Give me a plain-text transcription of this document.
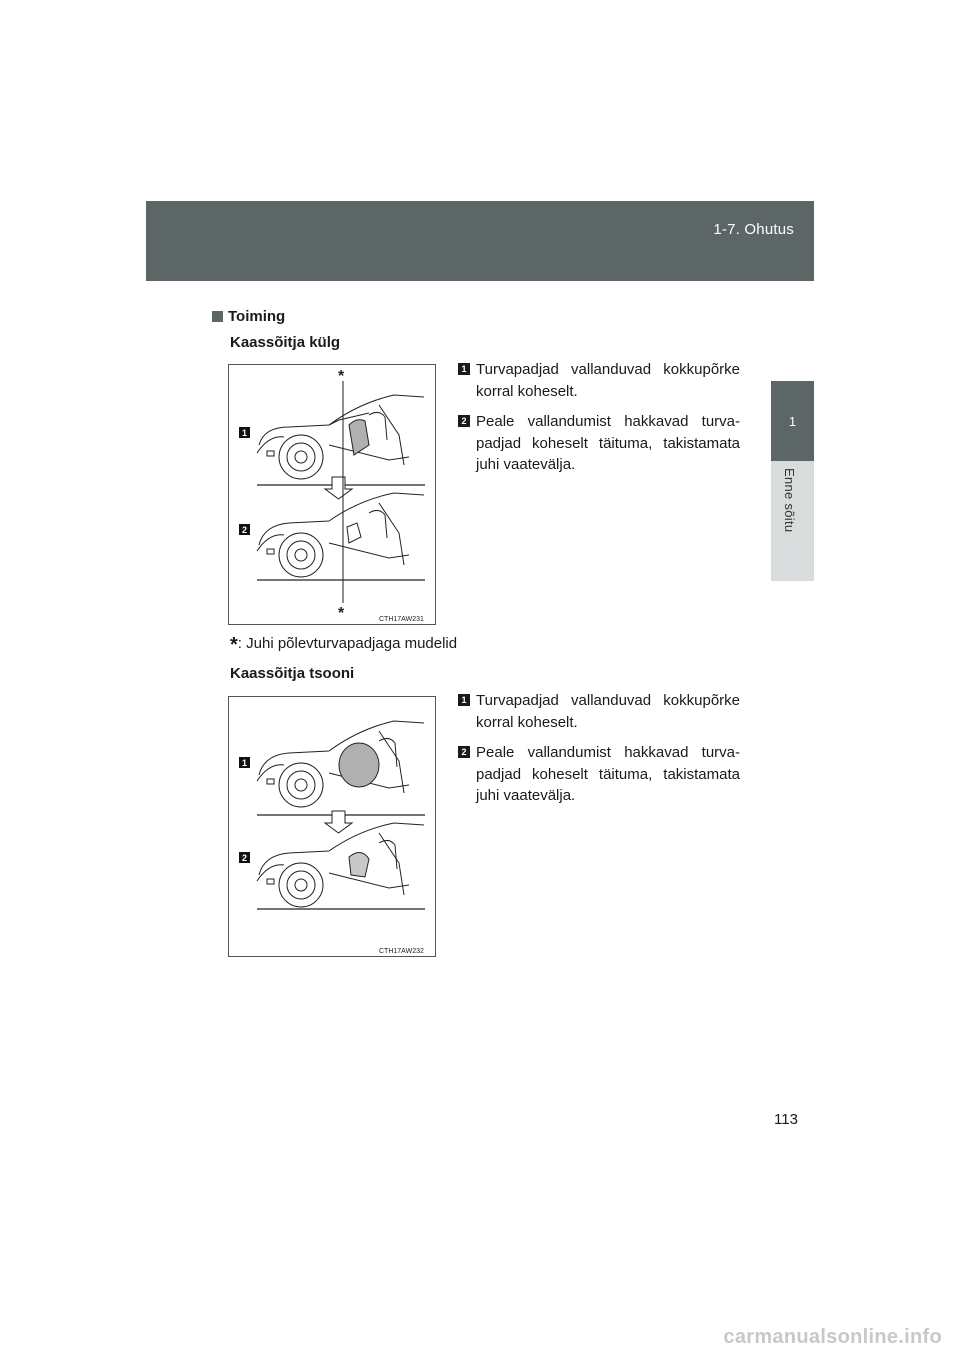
1-7. Ohutus
1
Enne sõitu
Toiming
Kaassõitja külg
1
2
*
*	CTH17AW231
1 Turvapadjad vallanduvad kokkupõrke korral koheselt.
2 Peale vallandumist hakkavad turva-padjad koheselt täituma, takistamata juhi vaatevälja.
*: Juhi põlevturvapadjaga mudelid
Kaassõitja tsooni
1
2
CTH17AW232
1 Turvapadjad vallanduvad kokkupõrke korral koheselt.
2 Peale vallandumist hakkavad turva-padjad koheselt täituma, takistamata juhi vaatevälja.
113
carmanualsonline.info
